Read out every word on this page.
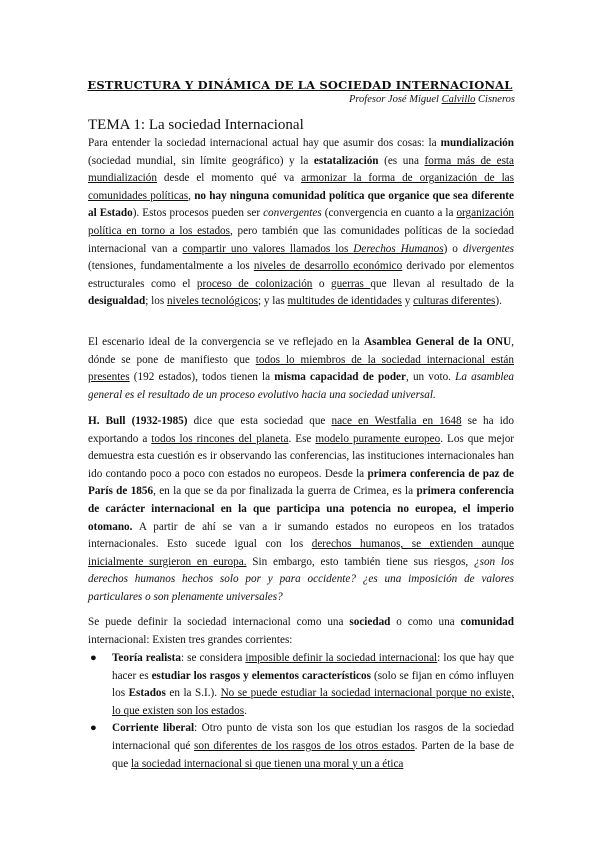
ESTRUCTURA Y DINÁMICA DE LA SOCIEDAD INTERNACIONAL
Profesor José Miguel Calvillo Cisneros
TEMA 1: La sociedad Internacional
Para entender la sociedad internacional actual hay que asumir dos cosas: la mundialización (sociedad mundial, sin límite geográfico) y la estatalización (es una forma más de esta mundialización desde el momento qué va armonizar la forma de organización de las comunidades políticas, no hay ninguna comunidad política que organice que sea diferente al Estado). Estos procesos pueden ser convergentes (convergencia en cuanto a la organización política en torno a los estados, pero también que las comunidades políticas de la sociedad internacional van a compartir uno valores llamados los Derechos Humanos) o divergentes (tensiones, fundamentalmente a los niveles de desarrollo económico derivado por elementos estructurales como el proceso de colonización o guerras que llevan al resultado de la desigualdad; los niveles tecnológicos; y las multitudes de identidades y culturas diferentes).
El escenario ideal de la convergencia se ve reflejado en la Asamblea General de la ONU, dónde se pone de manifiesto que todos lo miembros de la sociedad internacional están presentes (192 estados), todos tienen la misma capacidad de poder, un voto. La asamblea general es el resultado de un proceso evolutivo hacia una sociedad universal.
H. Bull (1932-1985) dice que esta sociedad que nace en Westfalia en 1648 se ha ido exportando a todos los rincones del planeta. Ese modelo puramente europeo. Los que mejor demuestra esta cuestión es ir observando las conferencias, las instituciones internacionales han ido contando poco a poco con estados no europeos. Desde la primera conferencia de paz de París de 1856, en la que se da por finalizada la guerra de Crimea, es la primera conferencia de carácter internacional en la que participa una potencia no europea, el imperio otomano. A partir de ahí se van a ir sumando estados no europeos en los tratados internacionales. Esto sucede igual con los derechos humanos, se extienden aunque inicialmente surgieron en europa. Sin embargo, esto también tiene sus riesgos, ¿son los derechos humanos hechos solo por y para occidente? ¿es una imposición de valores particulares o son plenamente universales?
Se puede definir la sociedad internacional como una sociedad o como una comunidad internacional: Existen tres grandes corrientes:
● Teoría realista: se considera imposible definir la sociedad internacional: los que hay que hacer es estudiar los rasgos y elementos característicos (solo se fijan en cómo influyen los Estados en la S.I.). No se puede estudiar la sociedad internacional porque no existe, lo que existen son los estados.
● Corriente liberal: Otro punto de vista son los que estudian los rasgos de la sociedad internacional qué son diferentes de los rasgos de los otros estados. Parten de la base de que la sociedad internacional si que tienen una moral y un a ética
